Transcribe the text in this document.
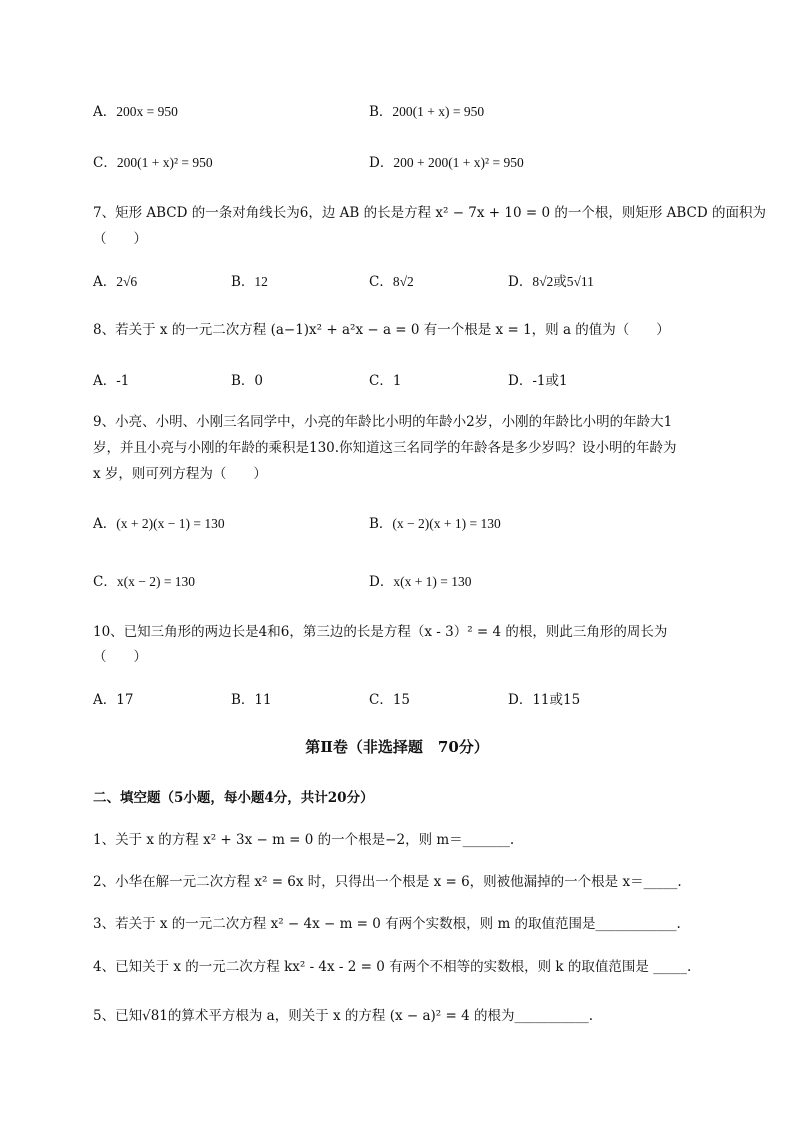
A．200x = 950	B．200(1 + x) = 950
C．200(1 + x)² = 950	D．200 + 200(1 + x)² = 950
7、矩形 ABCD 的一条对角线长为6，边 AB 的长是方程 x² − 7x + 10 = 0 的一个根，则矩形 ABCD 的面积为
（　　）
A．2√6	B．12	C．8√2	D．8√2或5√11
8、若关于 x 的一元二次方程 (a−1)x² + a²x − a = 0 有一个根是 x = 1，则 a 的值为（　　）
A．-1	B．0	C．1	D．-1或1
9、小亮、小明、小刚三名同学中，小亮的年龄比小明的年龄小2岁，小刚的年龄比小明的年龄大1
岁，并且小亮与小刚的年龄的乘积是130.你知道这三名同学的年龄各是多少岁吗？设小明的年龄为
x 岁，则可列方程为（　　）
A．(x + 2)(x − 1) = 130	B．(x − 2)(x + 1) = 130
C．x(x − 2) = 130	D．x(x + 1) = 130
10、已知三角形的两边长是4和6，第三边的长是方程（x - 3）² = 4 的根，则此三角形的周长为
（　　）
A．17	B．11	C．15	D．11或15
第Ⅱ卷（非选择题　70分）
二、填空题（5小题，每小题4分，共计20分）
1、关于 x 的方程 x² + 3x − m = 0 的一个根是−2，则 m＝_______.
2、小华在解一元二次方程 x² = 6x 时，只得出一个根是 x = 6，则被他漏掉的一个根是 x＝_____.
3、若关于 x 的一元二次方程 x² − 4x − m = 0 有两个实数根，则 m 的取值范围是____________.
4、已知关于 x 的一元二次方程 kx² - 4x - 2 = 0 有两个不相等的实数根，则 k 的取值范围是 _____.
5、已知√81的算术平方根为 a，则关于 x 的方程 (x − a)² = 4 的根为___________.
